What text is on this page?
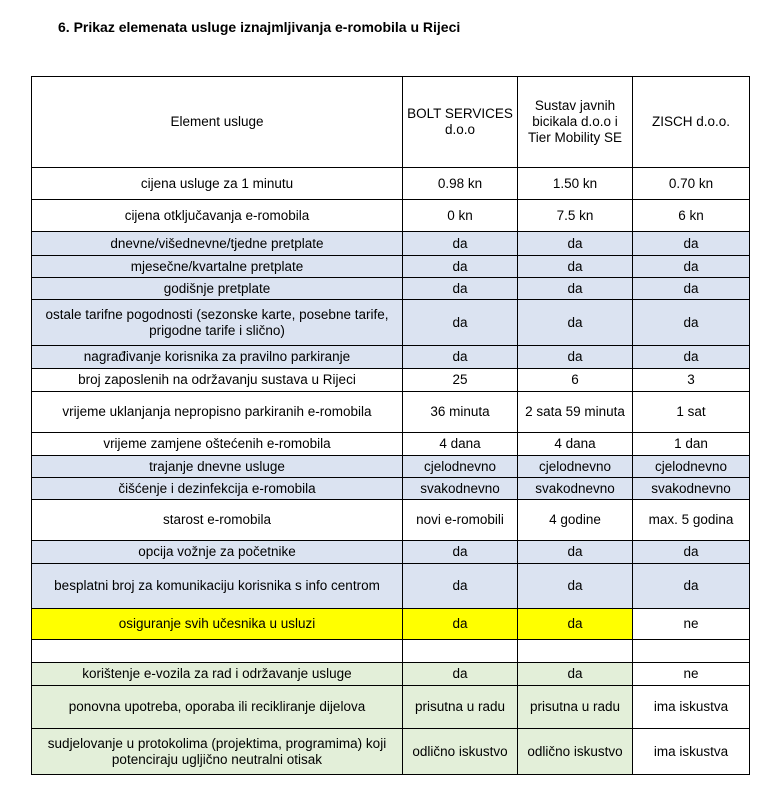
6. Prikaz elemenata usluge iznajmljivanja e-romobila u Rijeci
Element usluge	BOLT SERVICES d.o.o	Sustav javnih bicikala d.o.o i Tier Mobility SE	ZISCH d.o.o.
cijena usluge za 1 minutu	0.98 kn	1.50 kn	0.70 kn
cijena otključavanja e-romobila	0 kn	7.5 kn	6 kn
dnevne/višednevne/tjedne pretplate	da	da	da
mjesečne/kvartalne pretplate	da	da	da
godišnje pretplate	da	da	da
ostale tarifne pogodnosti (sezonske karte, posebne tarife, prigodne tarife i slično)	da	da	da
nagrađivanje korisnika za pravilno parkiranje	da	da	da
broj zaposlenih na održavanju sustava u Rijeci	25	6	3
vrijeme uklanjanja nepropisno parkiranih e-romobila	36 minuta	2 sata 59 minuta	1 sat
vrijeme zamjene oštećenih e-romobila	4 dana	4 dana	1 dan
trajanje dnevne usluge	cjelodnevno	cjelodnevno	cjelodnevno
čišćenje i dezinfekcija e-romobila	svakodnevno	svakodnevno	svakodnevno
starost e-romobila	novi e-romobili	4 godine	max. 5 godina
opcija vožnje za početnike	da	da	da
besplatni broj za komunikaciju korisnika s info centrom	da	da	da
osiguranje svih učesnika u usluzi	da	da	ne

korištenje e-vozila za rad i održavanje usluge	da	da	ne
ponovna upotreba, oporaba ili recikliranje dijelova	prisutna u radu	prisutna u radu	ima iskustva
sudjelovanje u protokolima (projektima, programima) koji potenciraju ugljično neutralni otisak	odlično iskustvo	odlično iskustvo	ima iskustva
